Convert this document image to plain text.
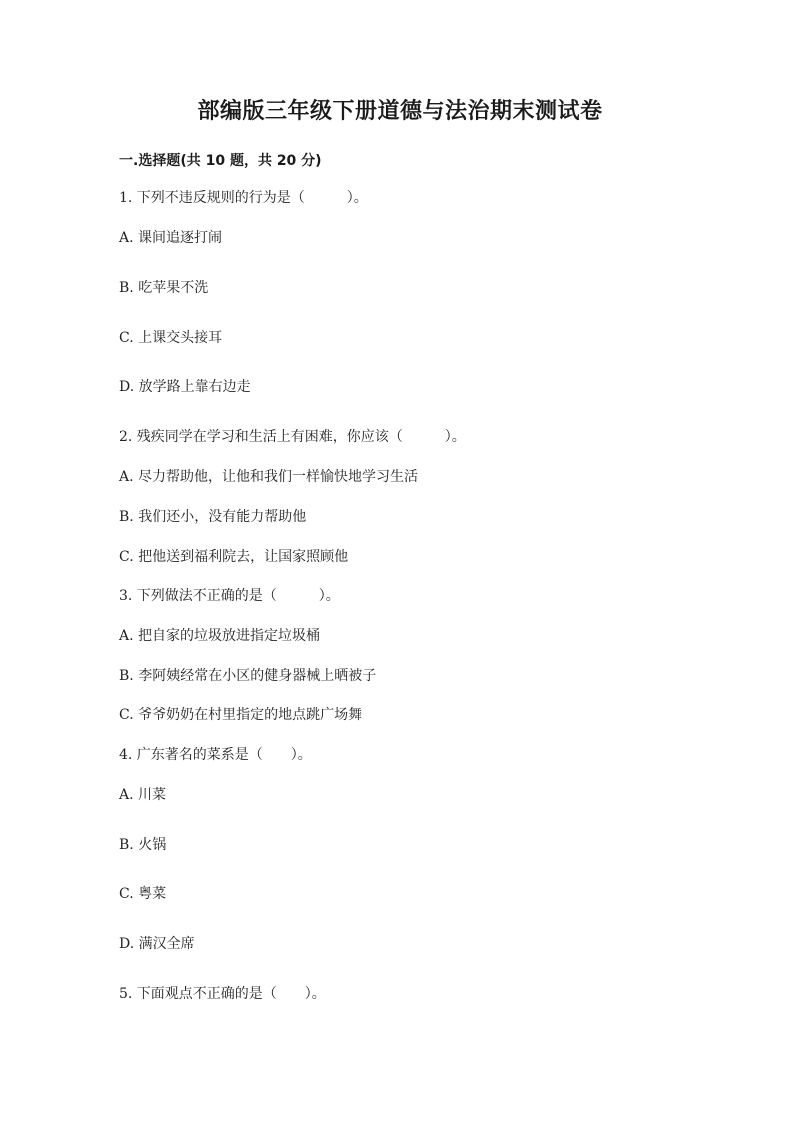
部编版三年级下册道德与法治期末测试卷
一.选择题(共 10 题，共 20 分)
1. 下列不违反规则的行为是（　　　）。
A. 课间追逐打闹
B. 吃苹果不洗
C. 上课交头接耳
D. 放学路上靠右边走
2. 残疾同学在学习和生活上有困难，你应该（　　　）。
A. 尽力帮助他，让他和我们一样愉快地学习生活
B. 我们还小，没有能力帮助他
C. 把他送到福利院去，让国家照顾他
3. 下列做法不正确的是（　　　）。
A. 把自家的垃圾放进指定垃圾桶
B. 李阿姨经常在小区的健身器械上晒被子
C. 爷爷奶奶在村里指定的地点跳广场舞
4. 广东著名的菜系是（　　）。
A. 川菜
B. 火锅
C. 粤菜
D. 满汉全席
5. 下面观点不正确的是（　　）。
